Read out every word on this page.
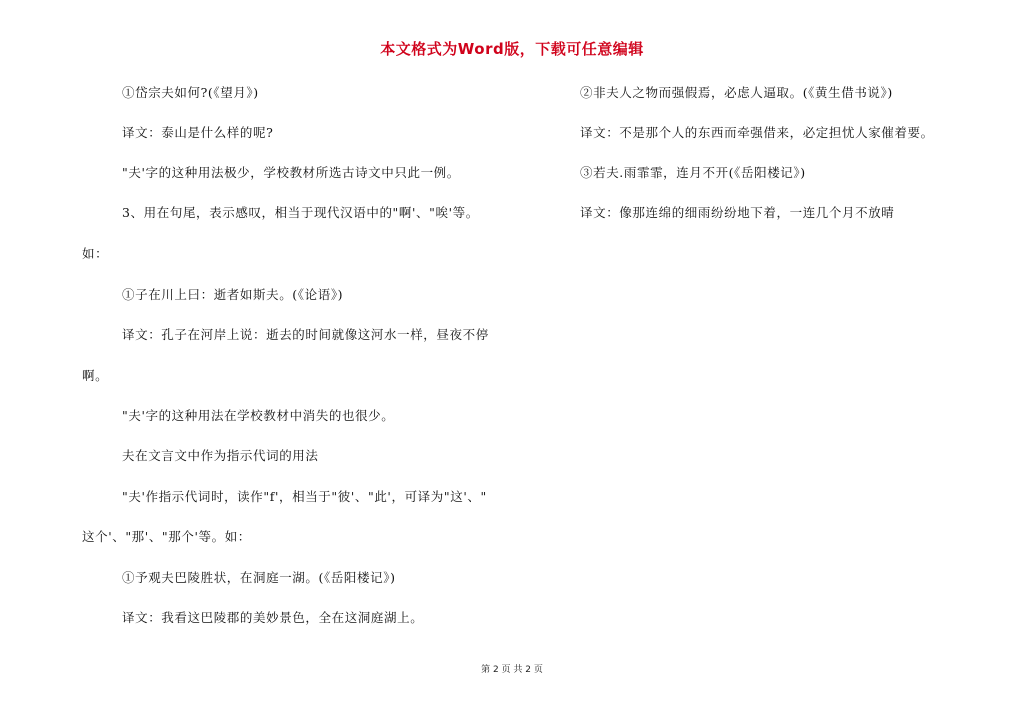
本文格式为Word版，下载可任意编辑
①岱宗夫如何?(《望月》)
译文：泰山是什么样的呢?
"夫'字的这种用法极少，学校教材所选古诗文中只此一例。
3、用在句尾，表示感叹，相当于现代汉语中的"啊'、"唉'等。
如：
①子在川上曰：逝者如斯夫。(《论语》)
译文：孔子在河岸上说：逝去的时间就像这河水一样，昼夜不停
啊。
"夫'字的这种用法在学校教材中消失的也很少。
夫在文言文中作为指示代词的用法
"夫'作指示代词时，读作"f'，相当于"彼'、"此'，可译为"这'、"
这个'、"那'、"那个'等。如：
①予观夫巴陵胜状，在洞庭一湖。(《岳阳楼记》)
译文：我看这巴陵郡的美妙景色，全在这洞庭湖上。
②非夫人之物而强假焉，必虑人逼取。(《黄生借书说》)
译文：不是那个人的东西而牵强借来，必定担忧人家催着要。
③若夫.雨霏霏，连月不开(《岳阳楼记》)
译文：像那连绵的细雨纷纷地下着，一连几个月不放晴
第 2 页 共 2 页
